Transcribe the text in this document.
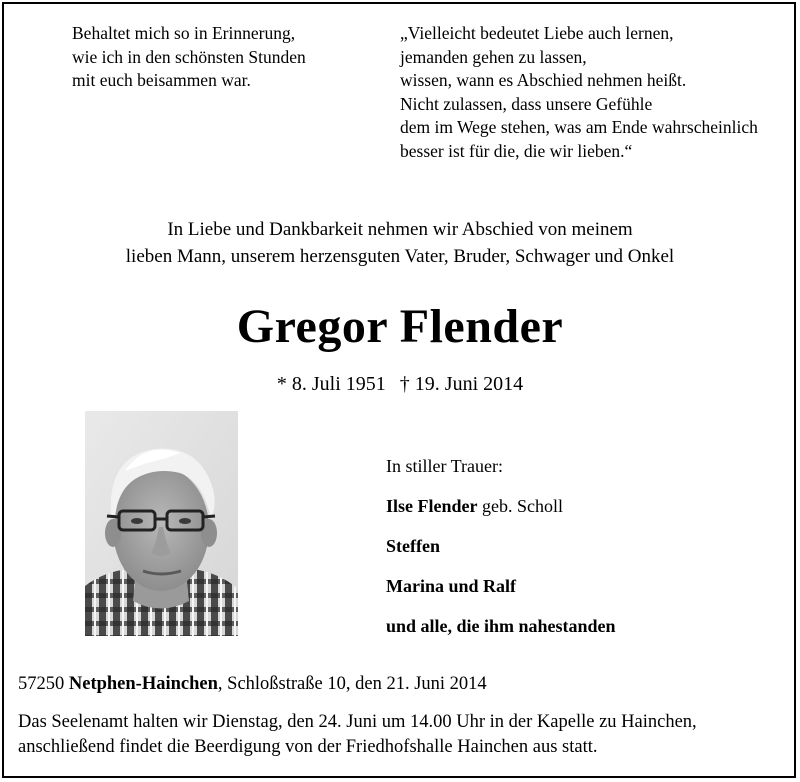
Behaltet mich so in Erinnerung,
wie ich in den schönsten Stunden
mit euch beisammen war.
„Vielleicht bedeutet Liebe auch lernen,
jemanden gehen zu lassen,
wissen, wann es Abschied nehmen heißt.
Nicht zulassen, dass unsere Gefühle
dem im Wege stehen, was am Ende wahrscheinlich
besser ist für die, die wir lieben.“
In Liebe und Dankbarkeit nehmen wir Abschied von meinem
lieben Mann, unserem herzensguten Vater, Bruder, Schwager und Onkel
Gregor Flender
* 8. Juli 1951 † 19. Juni 2014
In stiller Trauer:
Ilse Flender geb. Scholl
Steffen
Marina und Ralf
und alle, die ihm nahestanden
57250 Netphen-Hainchen, Schloßstraße 10, den 21. Juni 2014
Das Seelenamt halten wir Dienstag, den 24. Juni um 14.00 Uhr in der Kapelle zu Hainchen,
anschließend findet die Beerdigung von der Friedhofshalle Hainchen aus statt.
